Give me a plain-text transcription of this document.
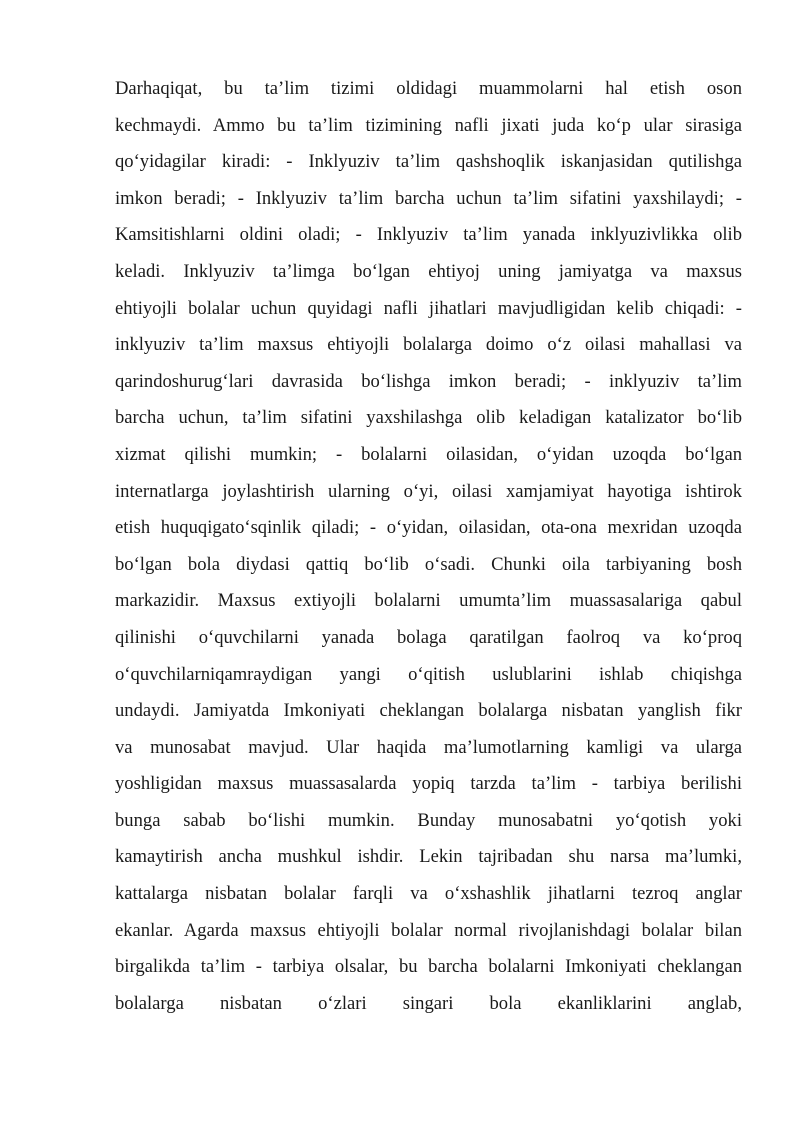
Darhaqiqat, bu ta’lim tizimi oldidagi muammolarni hal etish oson
kechmaydi. Ammo bu ta’lim tizimining nafli jixati juda ko‘p ular sirasiga
qo‘yidagilar kiradi: - Inklyuziv ta’lim qashshoqlik iskanjasidan qutilishga
imkon beradi; - Inklyuziv ta’lim barcha uchun ta’lim sifatini yaxshilaydi; -
Kamsitishlarni oldini oladi; - Inklyuziv ta’lim yanada inklyuzivlikka olib
keladi. Inklyuziv ta’limga bo‘lgan ehtiyoj uning jamiyatga va maxsus
ehtiyojli bolalar uchun quyidagi nafli jihatlari mavjudligidan kelib chiqadi: -
inklyuziv ta’lim maxsus ehtiyojli bolalarga doimo o‘z oilasi mahallasi va
qarindoshurug‘lari davrasida bo‘lishga imkon beradi; - inklyuziv ta’lim
barcha uchun, ta’lim sifatini yaxshilashga olib keladigan katalizator bo‘lib
xizmat qilishi mumkin; - bolalarni oilasidan, o‘yidan uzoqda bo‘lgan
internatlarga joylashtirish ularning o‘yi, oilasi xamjamiyat hayotiga ishtirok
etish huquqigato‘sqinlik qiladi; - o‘yidan, oilasidan, ota-ona mexridan uzoqda
bo‘lgan bola diydasi qattiq bo‘lib o‘sadi. Chunki oila tarbiyaning bosh
markazidir. Maxsus extiyojli bolalarni umumta’lim muassasalariga qabul
qilinishi o‘quvchilarni yanada bolaga qaratilgan faolroq va ko‘proq
o‘quvchilarniqamraydigan yangi o‘qitish uslublarini ishlab chiqishga
undaydi. Jamiyatda Imkoniyati cheklangan bolalarga nisbatan yanglish fikr
va munosabat mavjud. Ular haqida ma’lumotlarning kamligi va ularga
yoshligidan maxsus muassasalarda yopiq tarzda ta’lim - tarbiya berilishi
bunga sabab bo‘lishi mumkin. Bunday munosabatni yo‘qotish yoki
kamaytirish ancha mushkul ishdir. Lekin tajribadan shu narsa ma’lumki,
kattalarga nisbatan bolalar farqli va o‘xshashlik jihatlarni tezroq anglar
ekanlar. Agarda maxsus ehtiyojli bolalar normal rivojlanishdagi bolalar bilan
birgalikda ta’lim - tarbiya olsalar, bu barcha bolalarni Imkoniyati cheklangan
bolalarga nisbatan o‘zlari singari bola ekanliklarini anglab,
